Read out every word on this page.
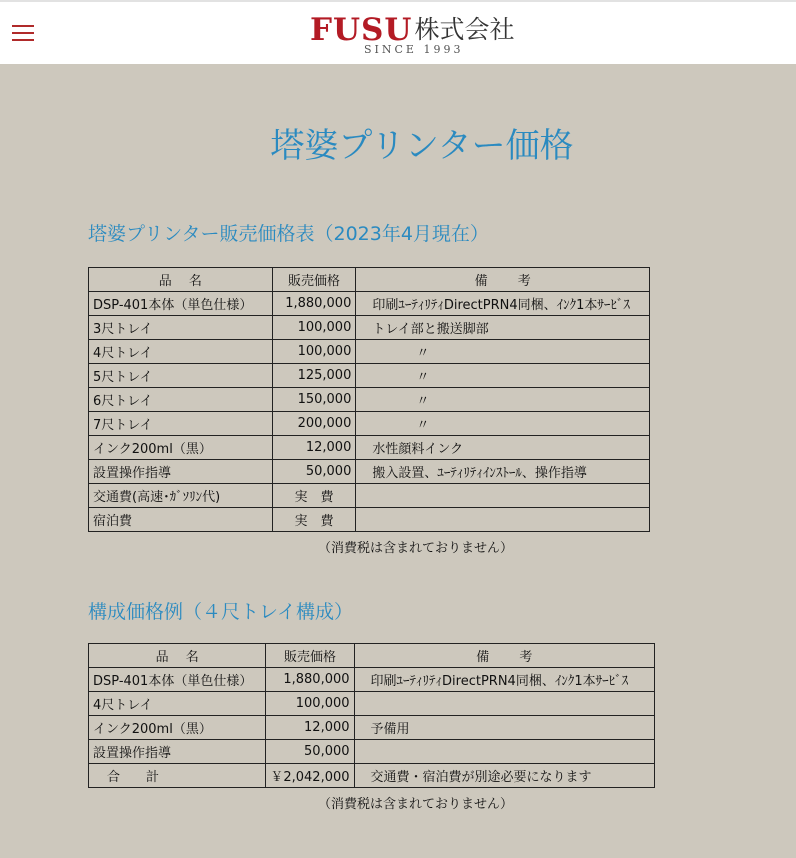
FUSU株式会社
SINCE 1993
塔婆プリンター価格
塔婆プリンター販売価格表（2023年4月現在）
品　 名	販売価格	備　　 考
DSP-401本体（単色仕様）	1,880,000	印刷ﾕｰﾃｨﾘﾃｨDirectPRN4同梱、ｲﾝｸ1本ｻｰﾋﾞｽ
3尺トレイ	100,000	トレイ部と搬送脚部
4尺トレイ	100,000	〃
5尺トレイ	125,000	〃
6尺トレイ	150,000	〃
7尺トレイ	200,000	〃
インク200ml（黒）	12,000	水性顔料インク
設置操作指導	50,000	搬入設置、ﾕｰﾃｨﾘﾃｨｲﾝｽﾄｰﾙ、操作指導
交通費(高速･ｶﾞｿﾘﾝ代)	実　費	
宿泊費	実　費	
（消費税は含まれておりません）
構成価格例（４尺トレイ構成）
品　 名	販売価格	備　　 考
DSP-401本体（単色仕様）	1,880,000	印刷ﾕｰﾃｨﾘﾃｨDirectPRN4同梱、ｲﾝｸ1本ｻｰﾋﾞｽ
4尺トレイ	100,000	
インク200ml（黒）	12,000	予備用
設置操作指導	50,000	
合　　計	￥2,042,000	交通費・宿泊費が別途必要になります
（消費税は含まれておりません）
